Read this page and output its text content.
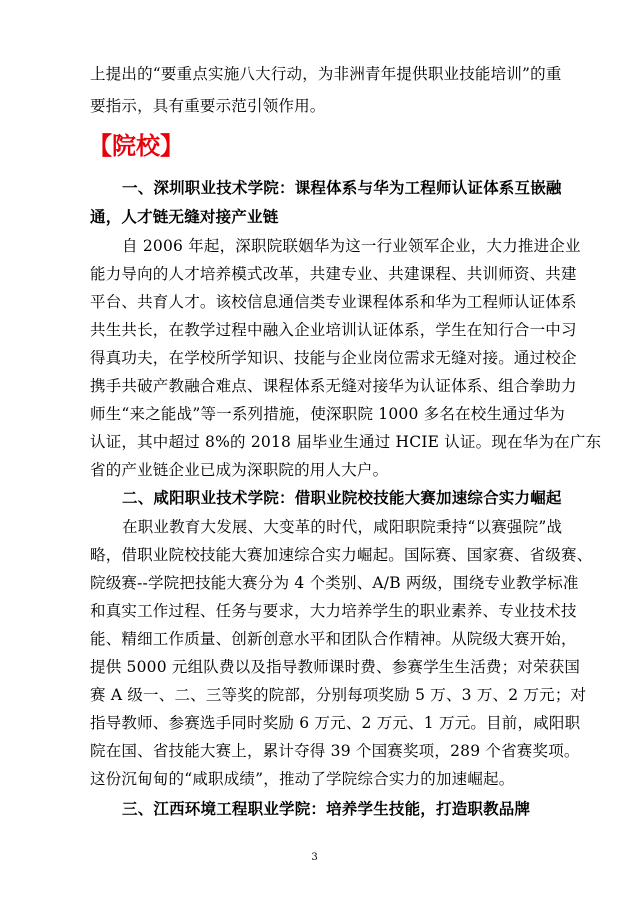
上提出的“要重点实施八大行动，为非洲青年提供职业技能培训”的重
要指示，具有重要示范引领作用。
【院校】
一、深圳职业技术学院：课程体系与华为工程师认证体系互嵌融
通，人才链无缝对接产业链
自 2006 年起，深职院联姻华为这一行业领军企业，大力推进企业
能力导向的人才培养模式改革，共建专业、共建课程、共训师资、共建
平台、共育人才。该校信息通信类专业课程体系和华为工程师认证体系
共生共长，在教学过程中融入企业培训认证体系，学生在知行合一中习
得真功夫，在学校所学知识、技能与企业岗位需求无缝对接。通过校企
携手共破产教融合难点、课程体系无缝对接华为认证体系、组合拳助力
师生“来之能战”等一系列措施，使深职院 1000 多名在校生通过华为
认证，其中超过 8%的 2018 届毕业生通过 HCIE 认证。现在华为在广东
省的产业链企业已成为深职院的用人大户。
二、咸阳职业技术学院：借职业院校技能大赛加速综合实力崛起
在职业教育大发展、大变革的时代，咸阳职院秉持“以赛强院”战
略，借职业院校技能大赛加速综合实力崛起。国际赛、国家赛、省级赛、
院级赛--学院把技能大赛分为 4 个类别、A/B 两级，围绕专业教学标准
和真实工作过程、任务与要求，大力培养学生的职业素养、专业技术技
能、精细工作质量、创新创意水平和团队合作精神。从院级大赛开始，
提供 5000 元组队费以及指导教师课时费、参赛学生生活费；对荣获国
赛 A 级一、二、三等奖的院部，分别每项奖励 5 万、3 万、2 万元；对
指导教师、参赛选手同时奖励 6 万元、2 万元、1 万元。目前，咸阳职
院在国、省技能大赛上，累计夺得 39 个国赛奖项，289 个省赛奖项。
这份沉甸甸的“咸职成绩”，推动了学院综合实力的加速崛起。
三、江西环境工程职业学院：培养学生技能，打造职教品牌
3
